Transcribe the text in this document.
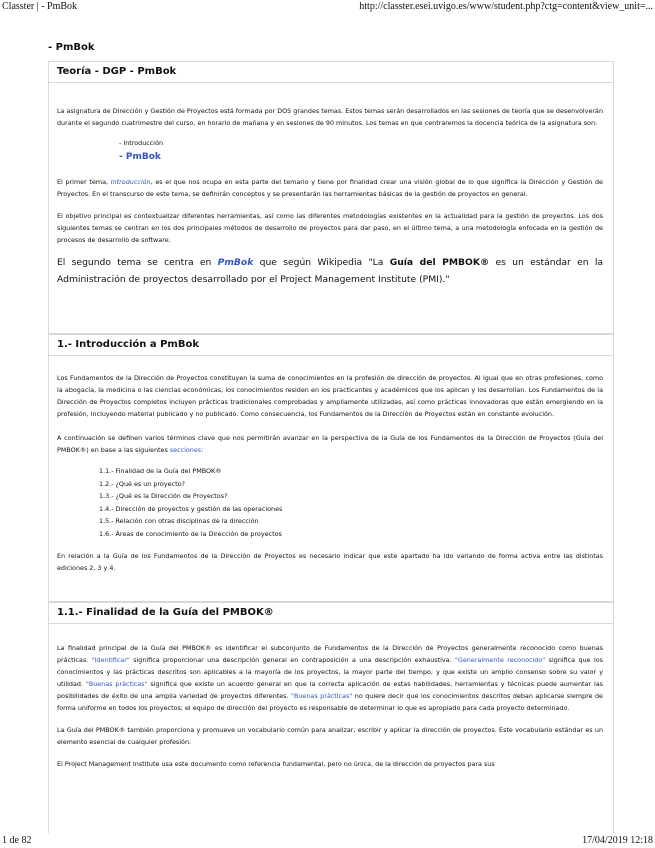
Classter | - PmBok	http://classter.esei.uvigo.es/www/student.php?ctg=content&view_unit=...
- PmBok
Teoría - DGP - PmBok

La asignatura de Dirección y Gestión de Proyectos está formada por DOS grandes temas. Estos temas serán desarrollados en las sesiones de teoría que se desenvolverán durante el segundo cuatrimestre del curso, en horario de mañana y en sesiones de 90 minutos. Los temas en que centraremos la docencia teórica de la asignatura son:

- Introducción
- PmBok

El primer tema, Introducción, es el que nos ocupa en esta parte del temario y tiene por finalidad crear una visión global de lo que significa la Dirección y Gestión de Proyectos. En el transcurso de este tema, se definirán conceptos y se presentarán las herramientas básicas de la gestión de proyectos en general.

El objetivo principal es contextualizar diferentes herramientas, así como las diferentes metodologías existentes en la actualidad para la gestión de proyectos. Los dos siguientes temas se centran en los dos principales métodos de desarrollo de proyectos para dar paso, en el último tema, a una metodología enfocada en la gestión de procesos de desarrollo de software.

El segundo tema se centra en PmBok que según Wikipedia "La Guía del PMBOK® es un estándar en la Administración de proyectos desarrollado por el Project Management Institute (PMI)."

1.- Introducción a PmBok

Los Fundamentos de la Dirección de Proyectos constituyen la suma de conocimientos en la profesión de dirección de proyectos. Al igual que en otras profesiones, como la abogacía, la medicina o las ciencias económicas, los conocimientos residen en los practicantes y académicos que los aplican y los desarrollan. Los Fundamentos de la Dirección de Proyectos completos incluyen prácticas tradicionales comprobadas y ampliamente utilizadas, así como prácticas innovadoras que están emergiendo en la profesión, incluyendo material publicado y no publicado. Como consecuencia, los Fundamentos de la Dirección de Proyectos están en constante evolución.

A continuación se definen varios términos clave que nos permitirán avanzar en la perspectiva de la Guía de los Fundamentos de la Dirección de Proyectos (Guía del PMBOK®) en base a las siguientes secciones:

1.1.- Finalidad de la Guía del PMBOK®
1.2.- ¿Qué es un proyecto?
1.3.- ¿Qué es la Dirección de Proyectos?
1.4.- Dirección de proyectos y gestión de las operaciones
1.5.- Relación con otras disciplinas de la dirección
1.6.- Áreas de conocimiento de la Dirección de proyectos

En relación a la Guía de los Fundamentos de la Dirección de Proyectos es necesario indicar que este apartado ha ido variando de forma activa entre las distintas ediciones 2, 3 y 4.

1.1.- Finalidad de la Guía del PMBOK®

La finalidad principal de la Guía del PMBOK® es identificar el subconjunto de Fundamentos de la Dirección de Proyectos generalmente reconocido como buenas prácticas. "Identificar" significa proporcionar una descripción general en contraposición a una descripción exhaustiva. "Generalmente reconocido" significa que los conocimientos y las prácticas descritos son aplicables a la mayoría de los proyectos, la mayor parte del tiempo, y que existe un amplio consenso sobre su valor y utilidad. "Buenas prácticas" significa que existe un acuerdo general en que la correcta aplicación de estas habilidades, herramientas y técnicas puede aumentar las posibilidades de éxito de una amplia variedad de proyectos diferentes. "Buenas prácticas" no quiere decir que los conocimientos descritos deban aplicarse siempre de forma uniforme en todos los proyectos; el equipo de dirección del proyecto es responsable de determinar lo que es apropiado para cada proyecto determinado.

La Guía del PMBOK® también proporciona y promueve un vocabulario común para analizar, escribir y aplicar la dirección de proyectos. Este vocabulario estándar es un elemento esencial de cualquier profesión.

El Project Management Institute usa este documento como referencia fundamental, pero no única, de la dirección de proyectos para sus

1 de 82	17/04/2019 12:18
